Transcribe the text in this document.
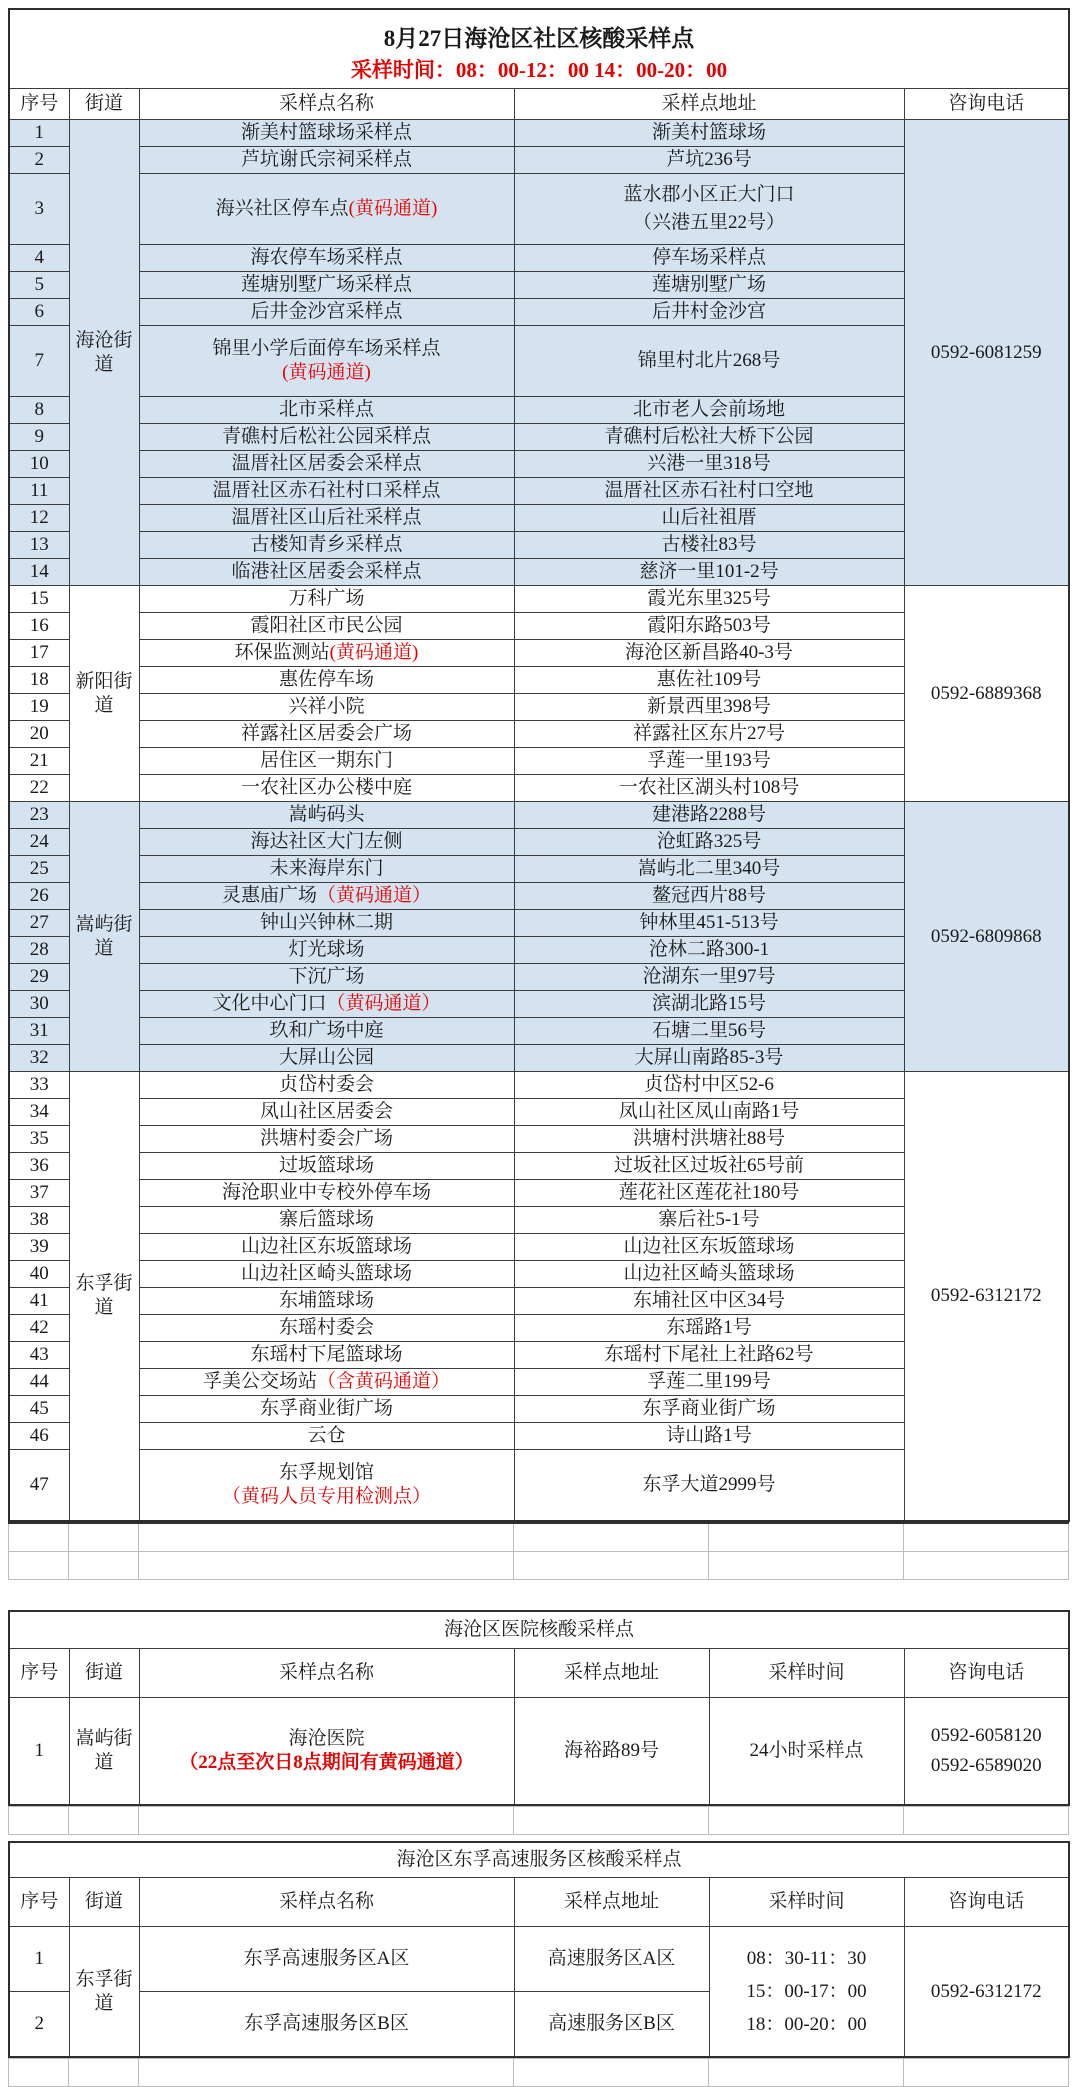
8月27日海沧区社区核酸采样点
采样时间：08：00-12：00 14：00-20：00				

序号	街道	采样点名称	采样点地址	咨询电话
1	海沧街道	渐美村篮球场采样点	渐美村篮球场	0592-6081259
2		芦坑谢氏宗祠采样点	芦坑236号	
3		海兴社区停车点(黄码通道)	蓝水郡小区正大门口
（兴港五里22号）	

4		海农停车场采样点	停车场采样点	
5		莲塘别墅广场采样点	莲塘别墅广场	
6		后井金沙宫采样点	后井村金沙宫	
7		锦里小学后面停车场采样点
(黄码通道)	锦里村北片268号	
8		北市采样点	北市老人会前场地	
9		青礁村后松社公园采样点	青礁村后松社大桥下公园	
10		温厝社区居委会采样点	兴港一里318号	
11		温厝社区赤石社村口采样点	温厝社区赤石社村口空地	
12		温厝社区山后社采样点	山后社祖厝	
13		古楼知青乡采样点	古楼社83号	
14		临港社区居委会采样点	慈济一里101-2号	
15	新阳街道	万科广场	霞光东里325号	0592-6889368
16		霞阳社区市民公园	霞阳东路503号	
17		环保监测站(黄码通道)	海沧区新昌路40-3号	
18		惠佐停车场	惠佐社109号	
19		兴祥小院	新景西里398号	
20		祥露社区居委会广场	祥露社区东片27号	
21		居住区一期东门	孚莲一里193号	
22		一农社区办公楼中庭	一农社区湖头村108号	
23	嵩屿街道	嵩屿码头	建港路2288号	0592-6809868
24		海达社区大门左侧	沧虹路325号	
25		未来海岸东门	嵩屿北二里340号	
26		灵惠庙广场（黄码通道）	鳌冠西片88号	
27		钟山兴钟林二期	钟林里451-513号	
28		灯光球场	沧林二路300-1	
29		下沉广场	沧湖东一里97号	
30		文化中心门口（黄码通道）	滨湖北路15号	
31		玖和广场中庭	石塘二里56号	
32		大屏山公园	大屏山南路85-3号	
33	东孚街道	贞岱村委会	贞岱村中区52-6	0592-6312172
34		凤山社区居委会	凤山社区凤山南路1号	
35		洪塘村委会广场	洪塘村洪塘社88号	
36		过坂篮球场	过坂社区过坂社65号前	
37		海沧职业中专校外停车场	莲花社区莲花社180号	
38		寨后篮球场	寨后社5-1号	
39		山边社区东坂篮球场	山边社区东坂篮球场	
40		山边社区崎头篮球场	山边社区崎头篮球场	
41		东埔篮球场	东埔社区中区34号	
42		东瑶村委会	东瑶路1号	
43		东瑶村下尾篮球场	东瑶村下尾社上社路62号	
44		孚美公交场站（含黄码通道）	孚莲二里199号	
45		东孚商业街广场	东孚商业街广场	
46		云仓	诗山路1号	
47		东孚规划馆
（黄码人员专用检测点）	东孚大道2999号	

海沧区医院核酸采样点					
序号	街道	采样点名称	采样点地址	采样时间	咨询电话
1	嵩屿街道	
海沧医院
（22点至次日8点期间有黄码通道）
	海裕路89号	24小时采样点	
0592-6058120
0592-6589020

海沧区东孚高速服务区核酸采样点					
序号	街道	采样点名称	采样点地址	采样时间	咨询电话
1	东孚街道	东孚高速服务区A区	高速服务区A区	08：30-11：30
15：00-17：00
18：00-20：00	0592-6312172
2		东孚高速服务区B区	高速服务区B区		
